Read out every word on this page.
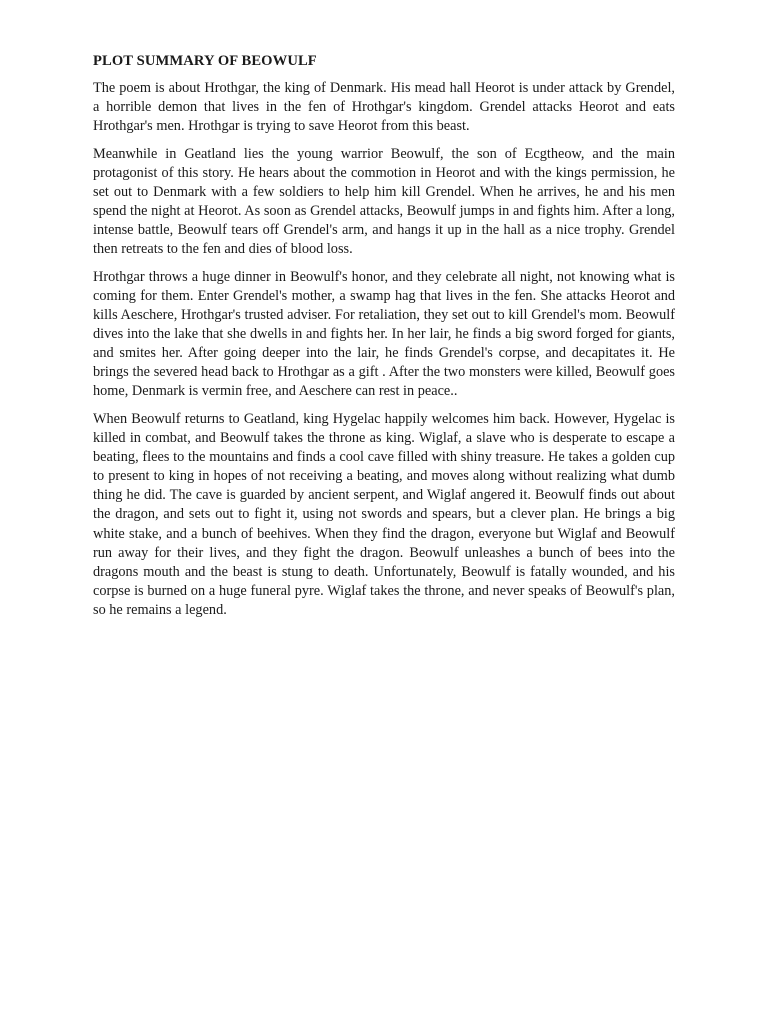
PLOT SUMMARY OF BEOWULF

The poem is about Hrothgar, the king of Denmark. His mead hall Heorot is under attack by Grendel, a horrible demon that lives in the fen of Hrothgar's kingdom. Grendel attacks Heorot and eats Hrothgar's men. Hrothgar is trying to save Heorot from this beast.

Meanwhile in Geatland lies the young warrior Beowulf, the son of Ecgtheow, and the main protagonist of this story. He hears about the commotion in Heorot and with the kings permission, he set out to Denmark with a few soldiers to help him kill Grendel. When he arrives, he and his men spend the night at Heorot. As soon as Grendel attacks, Beowulf jumps in and fights him. After a long, intense battle, Beowulf tears off Grendel's arm, and hangs it up in the hall as a nice trophy. Grendel then retreats to the fen and dies of blood loss.

Hrothgar throws a huge dinner in Beowulf's honor, and they celebrate all night, not knowing what is coming for them. Enter Grendel's mother, a swamp hag that lives in the fen. She attacks Heorot and kills Aeschere, Hrothgar's trusted adviser. For retaliation, they set out to kill Grendel's mom. Beowulf dives into the lake that she dwells in and fights her. In her lair, he finds a big sword forged for giants, and smites her. After going deeper into the lair, he finds Grendel's corpse, and decapitates it. He brings the severed head back to Hrothgar as a gift . After the two monsters were killed, Beowulf goes home, Denmark is vermin free, and Aeschere can rest in peace..

When Beowulf returns to Geatland, king Hygelac happily welcomes him back. However, Hygelac is killed in combat, and Beowulf takes the throne as king. Wiglaf, a slave who is desperate to escape a beating, flees to the mountains and finds a cool cave filled with shiny treasure. He takes a golden cup to present to king in hopes of not receiving a beating, and moves along without realizing what dumb thing he did. The cave is guarded by ancient serpent, and Wiglaf angered it. Beowulf finds out about the dragon, and sets out to fight it, using not swords and spears, but a clever plan. He brings a big white stake, and a bunch of beehives. When they find the dragon, everyone but Wiglaf and Beowulf run away for their lives, and they fight the dragon. Beowulf unleashes a bunch of bees into the dragons mouth and the beast is stung to death. Unfortunately, Beowulf is fatally wounded, and his corpse is burned on a huge funeral pyre. Wiglaf takes the throne, and never speaks of Beowulf's plan, so he remains a legend.
